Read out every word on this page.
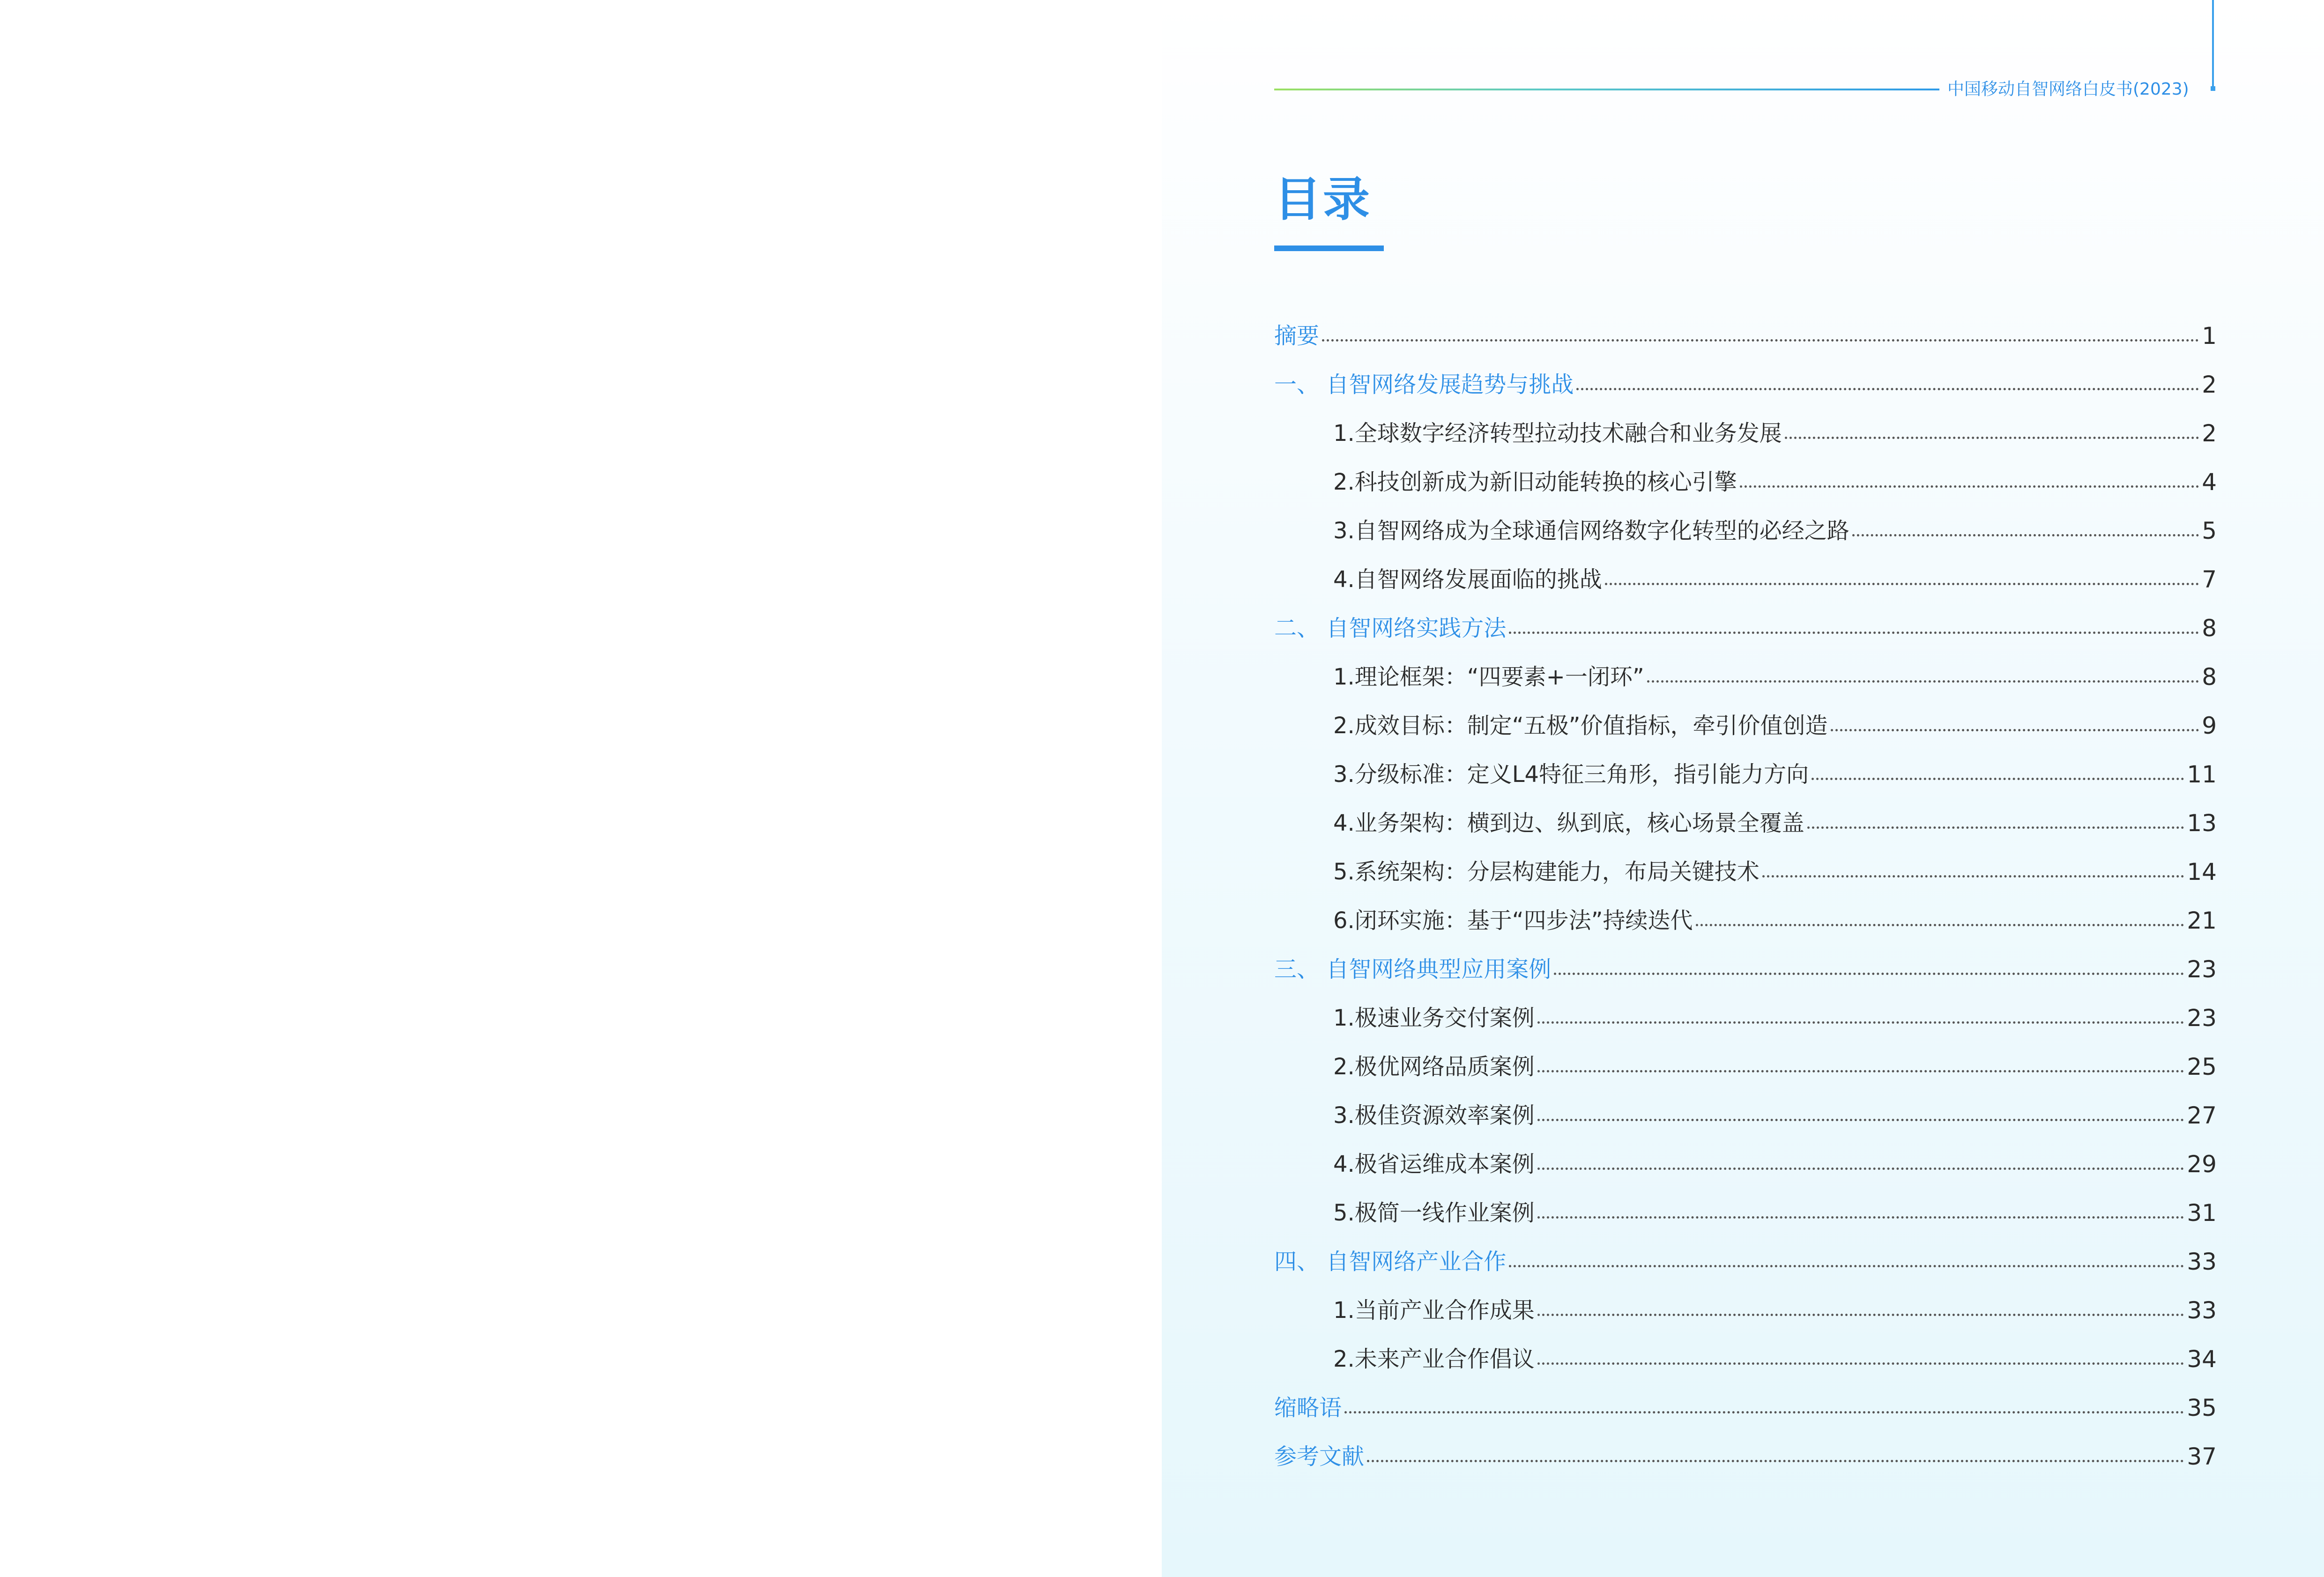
中国移动自智网络白皮书(2023)
目录
摘要	1
一、 自智网络发展趋势与挑战	2
1.全球数字经济转型拉动技术融合和业务发展	2
2.科技创新成为新旧动能转换的核心引擎	4
3.自智网络成为全球通信网络数字化转型的必经之路	5
4.自智网络发展面临的挑战	7
二、 自智网络实践方法	8
1.理论框架：“四要素+一闭环”	8
2.成效目标：制定“五极”价值指标，牵引价值创造	9
3.分级标准：定义L4特征三角形，指引能力方向	11
4.业务架构：横到边、纵到底，核心场景全覆盖	13
5.系统架构：分层构建能力，布局关键技术	14
6.闭环实施：基于“四步法”持续迭代	21
三、 自智网络典型应用案例	23
1.极速业务交付案例	23
2.极优网络品质案例	25
3.极佳资源效率案例	27
4.极省运维成本案例	29
5.极简一线作业案例	31
四、 自智网络产业合作	33
1.当前产业合作成果	33
2.未来产业合作倡议	34
缩略语	35
参考文献	37
